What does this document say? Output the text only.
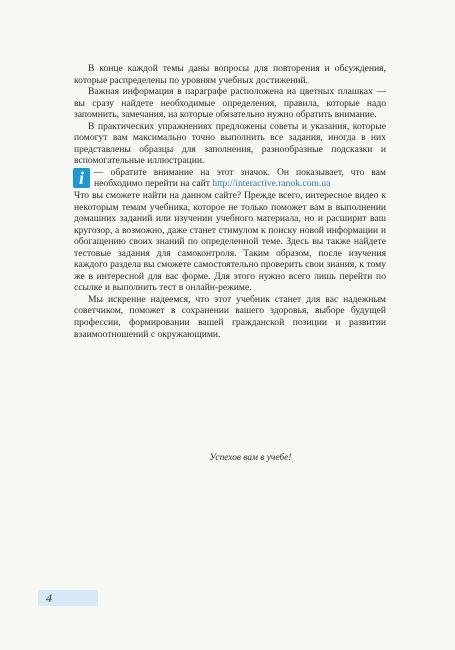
В конце каждой темы даны вопросы для повторения и обсуждения, которые распределены по уровням учебных достижений.

Важная информация в параграфе расположена на цветных плашках — вы сразу найдете необходимые определения, правила, которые надо запомнить, замечания, на которые обязательно нужно обратить внимание.

В практических упражнениях предложены советы и указания, которые помогут вам максимально точно выполнить все задания, иногда в них представлены образцы для заполнения, разнообразные подсказки и вспомогательные иллюстрации.

i	— обратите внимание на этот значок. Он показывает, что вам необходимо перейти на сайт http://interactive.ranok.com.ua

Что вы сможете найти на данном сайте? Прежде всего, интересное видео к некоторым темам учебника, которое не только поможет вам в выполнении домашних заданий или изучении учебного материала, но и расширит ваш кругозор, а возможно, даже станет стимулом к поиску новой информации и обогащению своих знаний по определенной теме. Здесь вы также найдете тестовые задания для самоконтроля. Таким образом, после изучения каждого раздела вы сможете самостоятельно проверить свои знания, к тому же в интересной для вас форме. Для этого нужно всего лишь перейти по ссылке и выполнить тест в онлайн-режиме.

Мы искренне надеемся, что этот учебник станет для вас надежным советчиком, поможет в сохранении вашего здоровья, выборе будущей профессии, формировании вашей гражданской позиции и развитии взаимоотношений с окружающими.

Успехов вам в учебе!
4
